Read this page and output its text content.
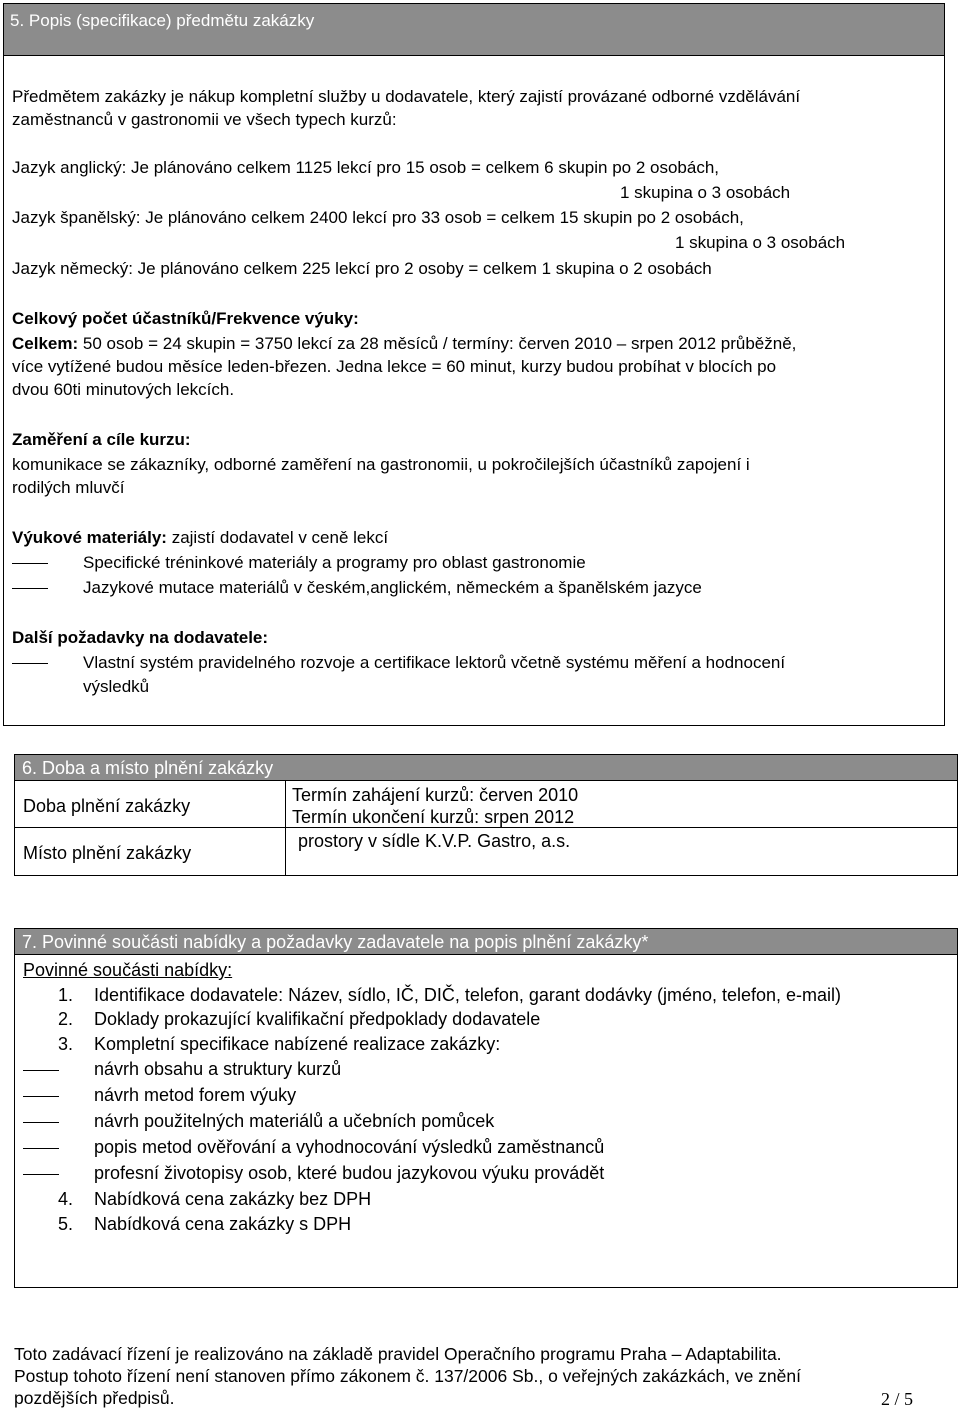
5. Popis (specifikace) předmětu zakázky
Předmětem zakázky je nákup kompletní služby u dodavatele, který zajistí provázané odborné vzdělávání
zaměstnanců v gastronomii ve všech typech kurzů:
Jazyk anglický: Je plánováno celkem 1125 lekcí pro 15 osob = celkem 6 skupin po 2 osobách,
1 skupina o 3 osobách
Jazyk španělský: Je plánováno celkem 2400 lekcí pro 33 osob = celkem 15 skupin po 2 osobách,
1 skupina o 3 osobách
Jazyk německý: Je plánováno celkem 225 lekcí pro 2 osoby = celkem 1 skupina o 2 osobách
Celkový počet účastníků/Frekvence výuky:
Celkem: 50 osob = 24 skupin = 3750 lekcí za 28 měsíců / termíny: červen 2010 – srpen 2012 průběžně,
více vytížené budou měsíce leden-březen. Jedna lekce = 60 minut, kurzy budou probíhat v blocích po
dvou 60ti minutových lekcích.
Zaměření a cíle kurzu:
komunikace se zákazníky, odborné zaměření na gastronomii, u pokročilejších účastníků zapojení i
rodilých mluvčí
Výukové materiály: zajistí dodavatel v ceně lekcí
Specifické tréninkové materiály a programy pro oblast gastronomie
Jazykové mutace materiálů v českém,anglickém, německém a španělském jazyce
Další požadavky na dodavatele:
Vlastní systém pravidelného rozvoje a certifikace lektorů včetně systému měření a hodnocení
výsledků
6. Doba a místo plnění zakázky
Doba plnění zakázky
Termín zahájení kurzů: červen 2010
Termín ukončení kurzů: srpen 2012
Místo plnění zakázky
prostory v sídle K.V.P. Gastro, a.s.
7. Povinné součásti nabídky a požadavky zadavatele na popis plnění zakázky*
Povinné součásti nabídky:
1. Identifikace dodavatele: Název, sídlo, IČ, DIČ, telefon, garant dodávky (jméno, telefon, e-mail)
2. Doklady prokazující kvalifikační předpoklady dodavatele
3. Kompletní specifikace nabízené realizace zakázky:
návrh obsahu a struktury kurzů
návrh metod forem výuky
návrh použitelných materiálů a učebních pomůcek
popis metod ověřování a vyhodnocování výsledků zaměstnanců
profesní životopisy osob, které budou jazykovou výuku provádět
4. Nabídková cena zakázky bez DPH
5. Nabídková cena zakázky s DPH
Toto zadávací řízení je realizováno na základě pravidel Operačního programu Praha – Adaptabilita.
Postup tohoto řízení není stanoven přímo zákonem č. 137/2006 Sb., o veřejných zakázkách, ve znění
pozdějších předpisů.	2 / 5
